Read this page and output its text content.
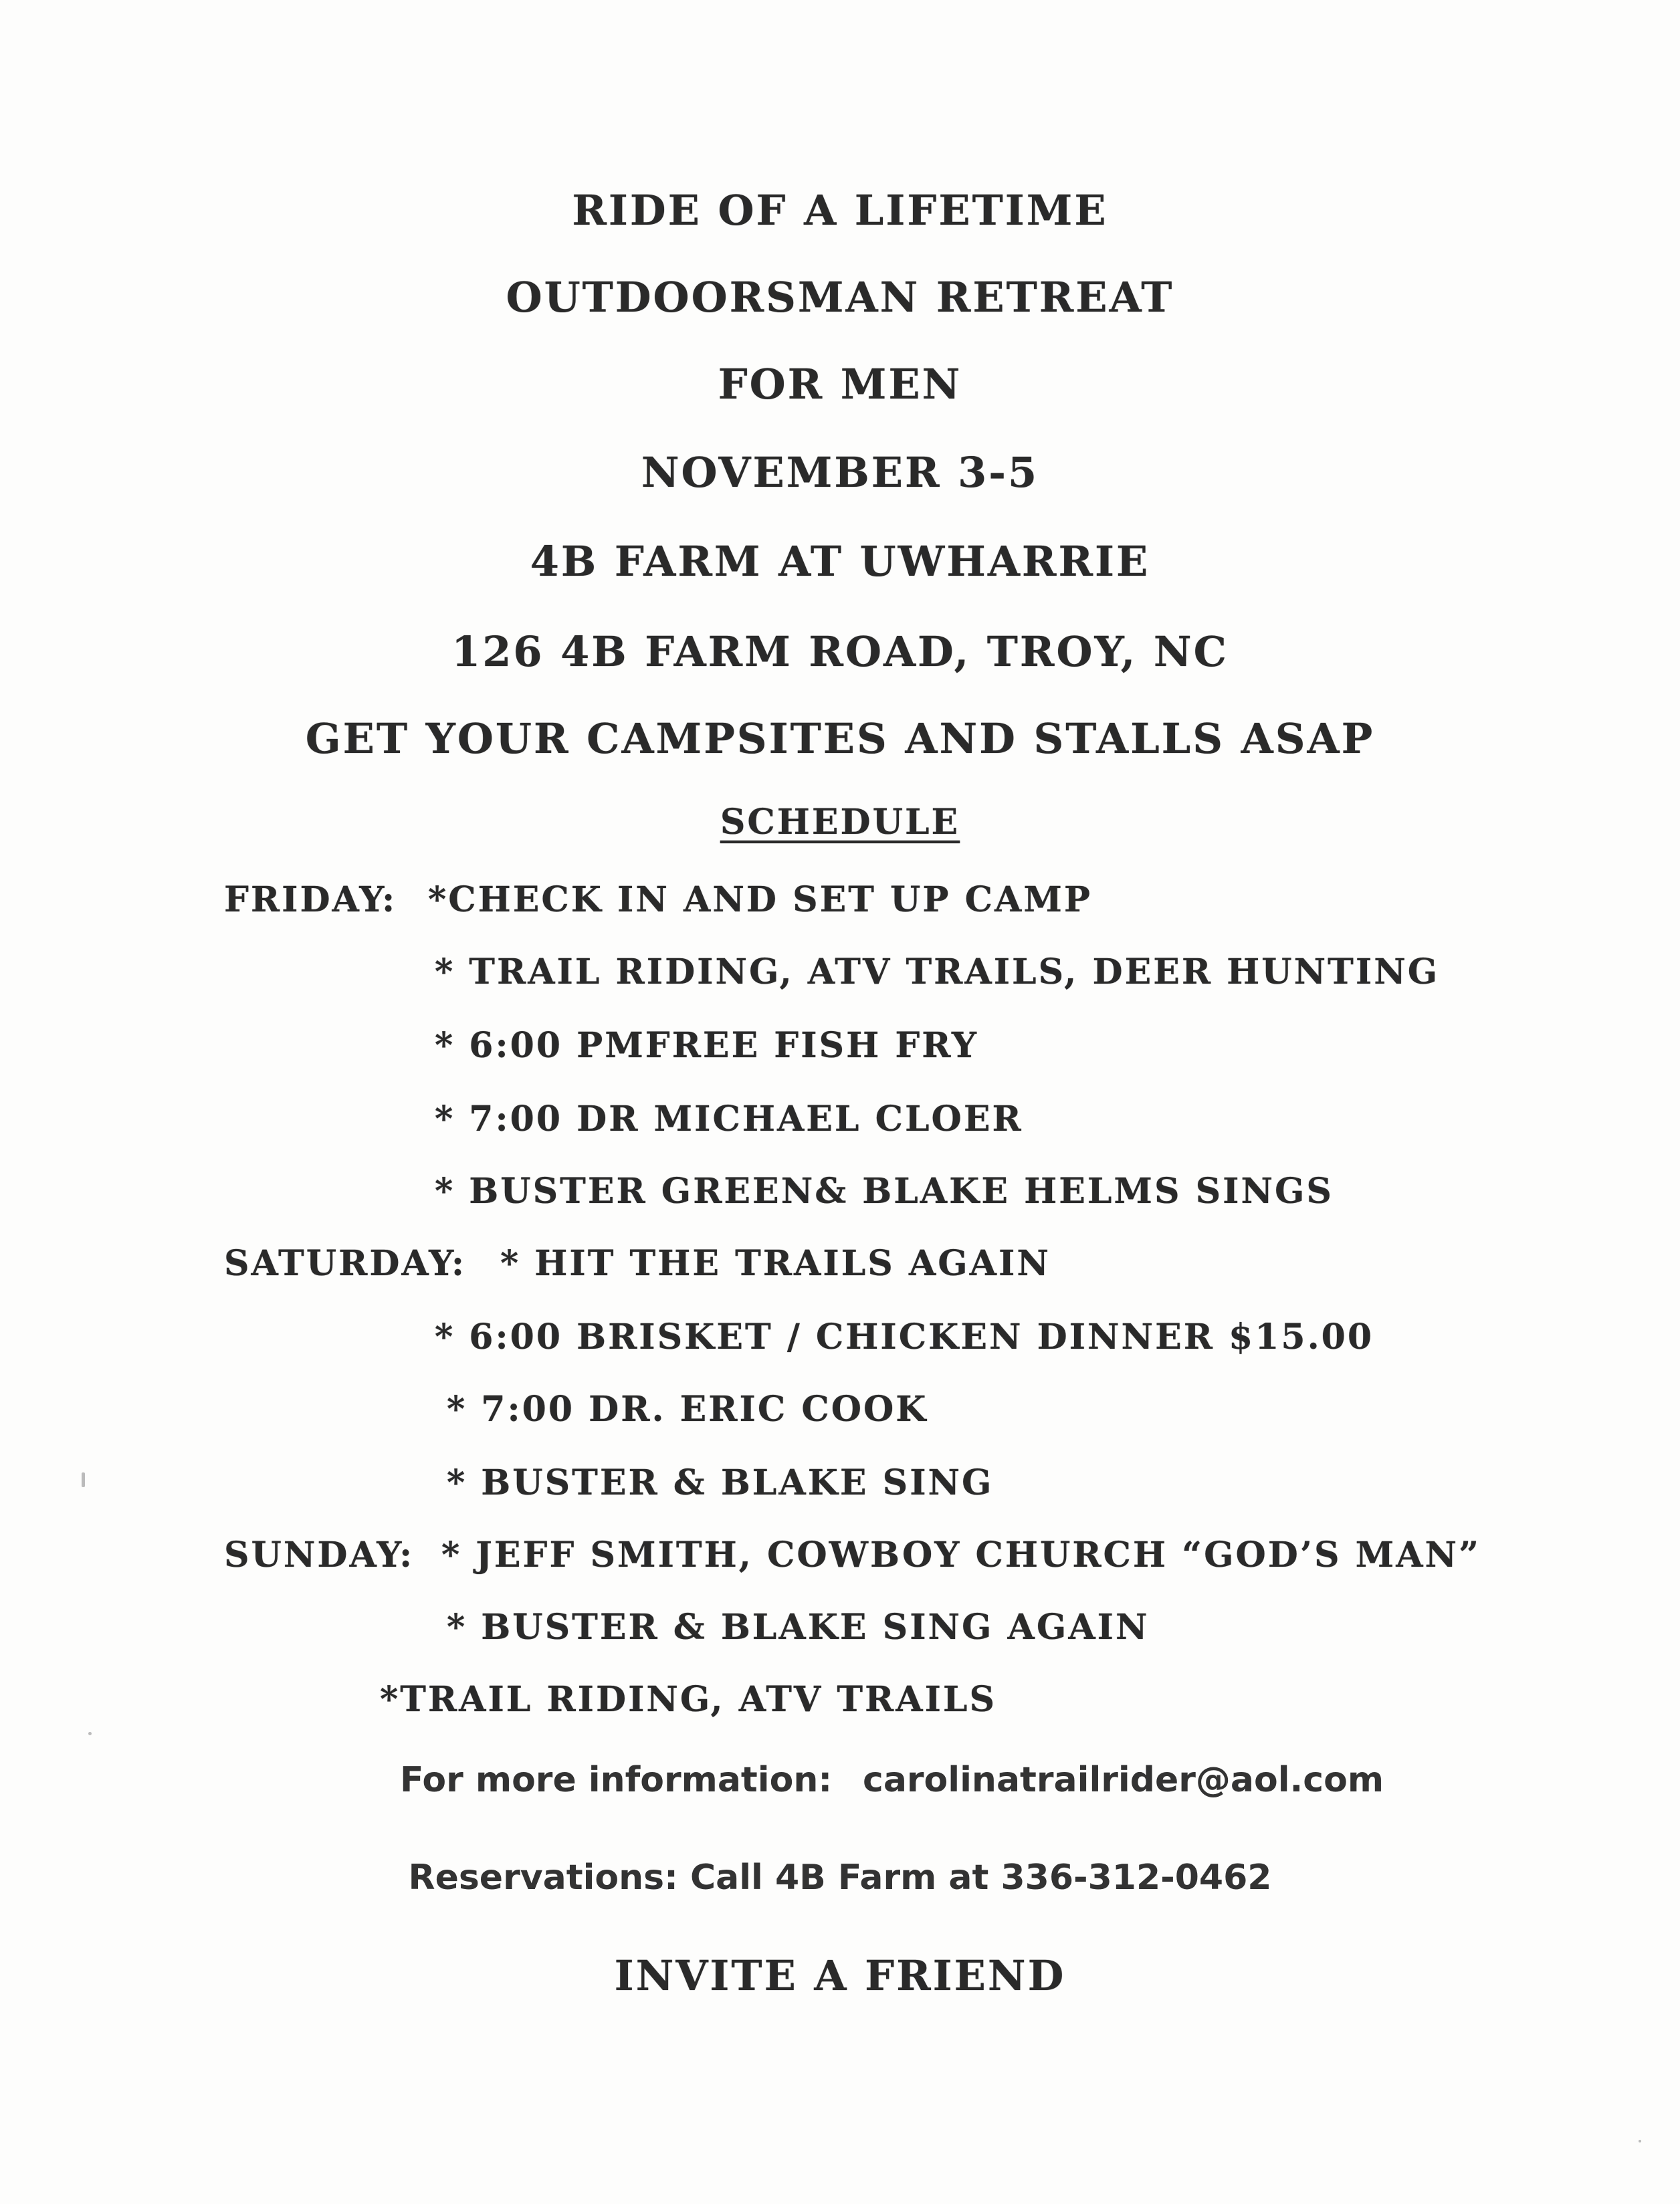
RIDE OF A LIFETIME
OUTDOORSMAN RETREAT
FOR MEN
NOVEMBER 3-5
4B FARM AT UWHARRIE
126 4B FARM ROAD, TROY, NC
GET YOUR CAMPSITES AND STALLS ASAP
SCHEDULE
FRIDAY: *CHECK IN AND SET UP CAMP
* TRAIL RIDING, ATV TRAILS, DEER HUNTING
* 6:00 PMFREE FISH FRY
* 7:00 DR MICHAEL CLOER
* BUSTER GREEN& BLAKE HELMS SINGS
SATURDAY: * HIT THE TRAILS AGAIN
* 6:00 BRISKET / CHICKEN DINNER $15.00
* 7:00 DR. ERIC COOK
* BUSTER & BLAKE SING
SUNDAY: * JEFF SMITH, COWBOY CHURCH “GOD’S MAN”
* BUSTER & BLAKE SING AGAIN
*TRAIL RIDING, ATV TRAILS
For more information: carolinatrailrider@aol.com
Reservations: Call 4B Farm at 336-312-0462
INVITE A FRIEND
